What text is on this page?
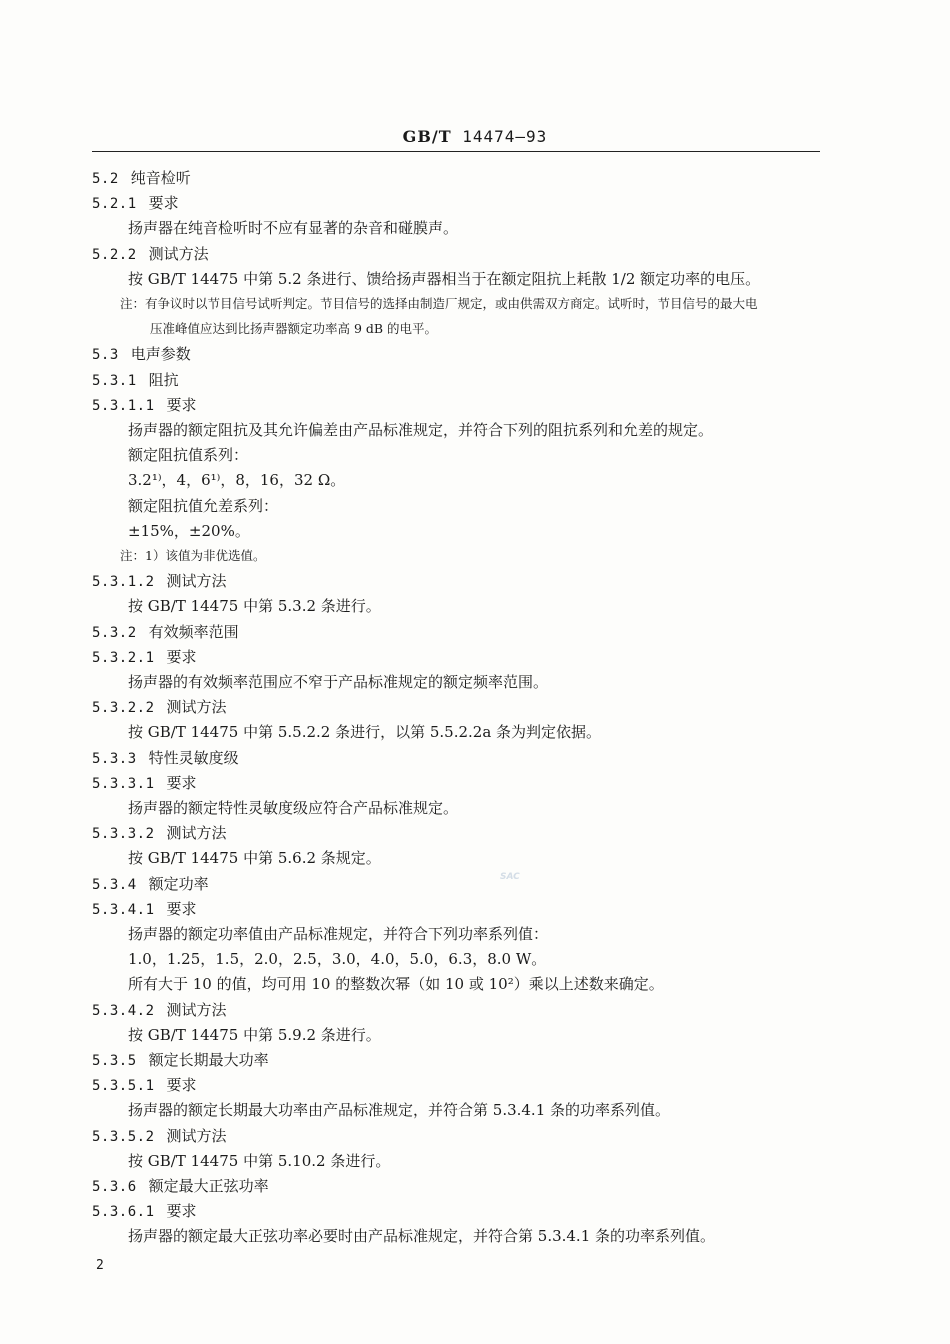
GB/T 14474—93
5.2 纯音检听
5.2.1 要求
扬声器在纯音检听时不应有显著的杂音和碰膜声。
5.2.2 测试方法
按 GB/T 14475 中第 5.2 条进行、馈给扬声器相当于在额定阻抗上耗散 1/2 额定功率的电压。
注：有争议时以节目信号试听判定。节目信号的选择由制造厂规定，或由供需双方商定。试听时，节目信号的最大电
压准峰值应达到比扬声器额定功率高 9 dB 的电平。
5.3 电声参数
5.3.1 阻抗
5.3.1.1 要求
扬声器的额定阻抗及其允许偏差由产品标准规定，并符合下列的阻抗系列和允差的规定。
额定阻抗值系列：
3.2¹⁾，4，6¹⁾，8，16，32 Ω。
额定阻抗值允差系列：
±15%，±20%。
注：1）该值为非优选值。
5.3.1.2 测试方法
按 GB/T 14475 中第 5.3.2 条进行。
5.3.2 有效频率范围
5.3.2.1 要求
扬声器的有效频率范围应不窄于产品标准规定的额定频率范围。
5.3.2.2 测试方法
按 GB/T 14475 中第 5.5.2.2 条进行，以第 5.5.2.2a 条为判定依据。
5.3.3 特性灵敏度级
5.3.3.1 要求
扬声器的额定特性灵敏度级应符合产品标准规定。
5.3.3.2 测试方法
按 GB/T 14475 中第 5.6.2 条规定。
5.3.4 额定功率
5.3.4.1 要求
扬声器的额定功率值由产品标准规定，并符合下列功率系列值：
1.0，1.25，1.5，2.0，2.5，3.0，4.0，5.0，6.3，8.0 W。
所有大于 10 的值，均可用 10 的整数次幂（如 10 或 10²）乘以上述数来确定。
5.3.4.2 测试方法
按 GB/T 14475 中第 5.9.2 条进行。
5.3.5 额定长期最大功率
5.3.5.1 要求
扬声器的额定长期最大功率由产品标准规定，并符合第 5.3.4.1 条的功率系列值。
5.3.5.2 测试方法
按 GB/T 14475 中第 5.10.2 条进行。
5.3.6 额定最大正弦功率
5.3.6.1 要求
扬声器的额定最大正弦功率必要时由产品标准规定，并符合第 5.3.4.1 条的功率系列值。
SAC
2
